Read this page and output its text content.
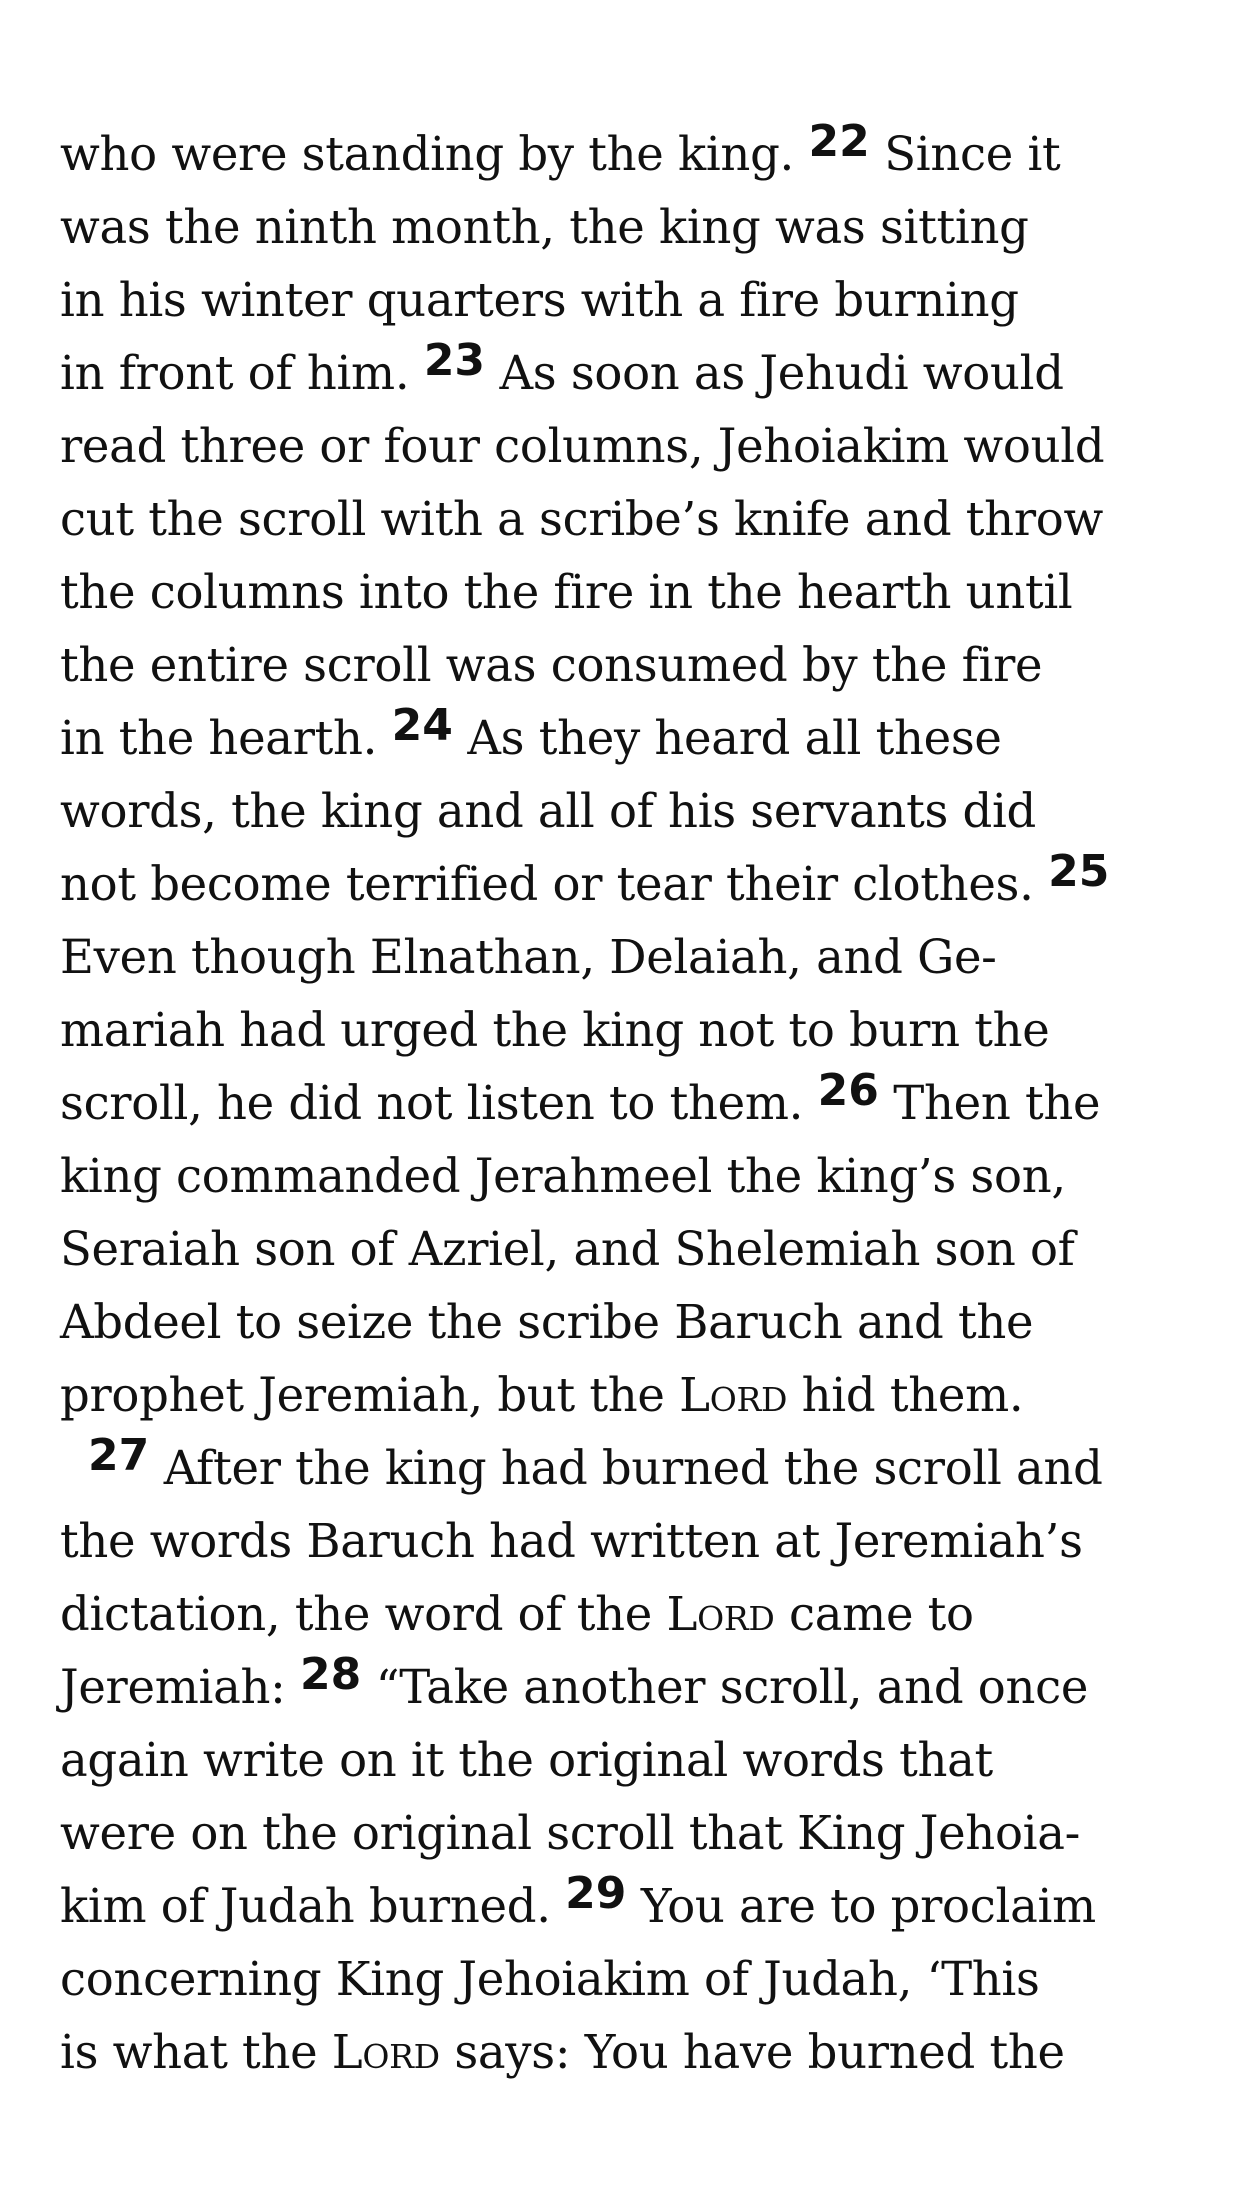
who were standing by the king. 22 Since it
was the ninth month, the king was sitting
in his winter quarters with a fire burning
in front of him. 23 As soon as Jehudi would
read three or four columns, Jehoiakim would
cut the scroll with a scribe’s knife and throw
the columns into the fire in the hearth until
the entire scroll was consumed by the fire
in the hearth. 24 As they heard all these
words, the king and all of his servants did
not become terrified or tear their clothes. 25
Even though Elnathan, Delaiah, and Ge-
mariah had urged the king not to burn the
scroll, he did not listen to them. 26 Then the
king commanded Jerahmeel the king’s son,
Seraiah son of Azriel, and Shelemiah son of
Abdeel to seize the scribe Baruch and the
prophet Jeremiah, but the Lord hid them.
27 After the king had burned the scroll and
the words Baruch had written at Jeremiah’s
dictation, the word of the Lord came to
Jeremiah: 28 “Take another scroll, and once
again write on it the original words that
were on the original scroll that King Jehoia-
kim of Judah burned. 29 You are to proclaim
concerning King Jehoiakim of Judah, ‘This
is what the Lord says: You have burned the
